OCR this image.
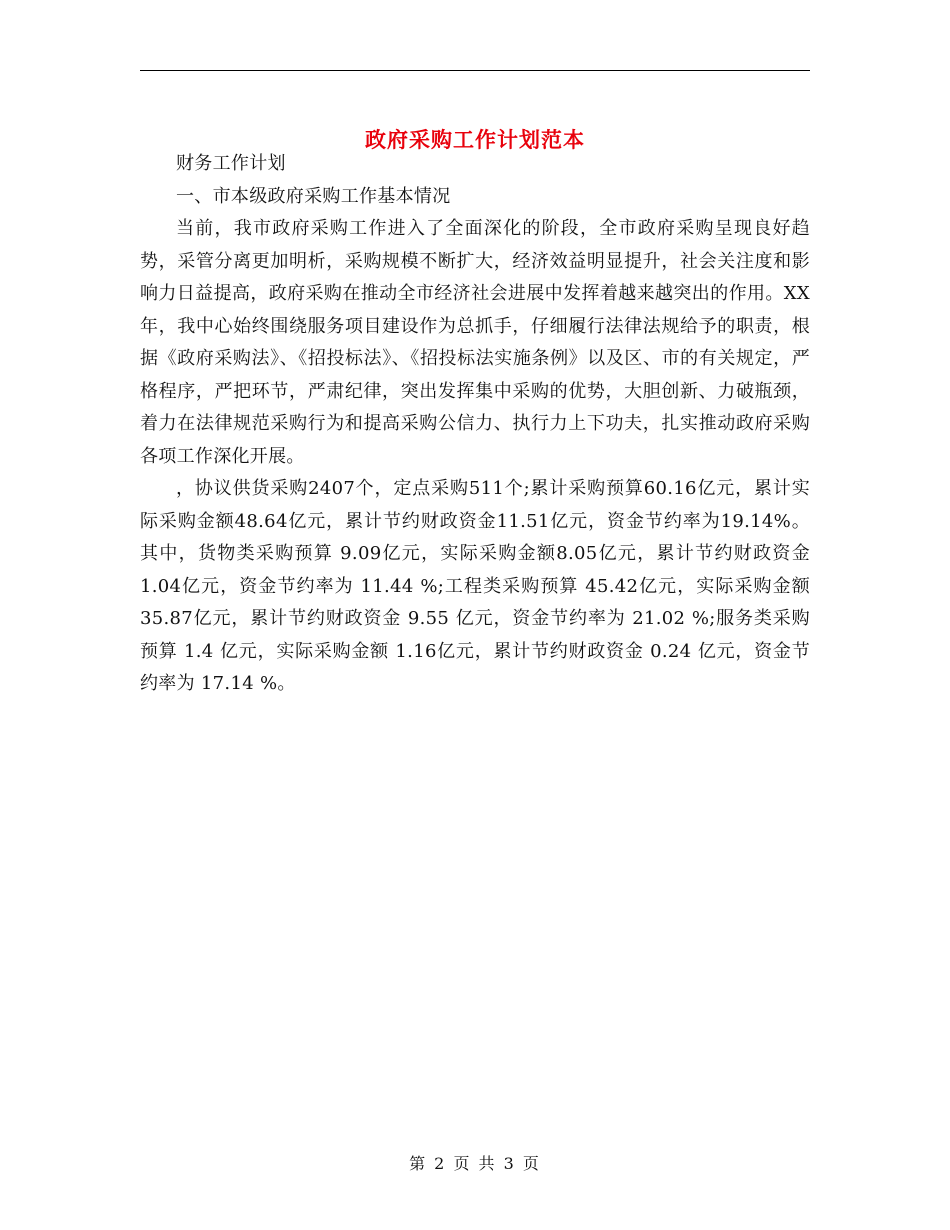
政府采购工作计划范本

财务工作计划

一、市本级政府采购工作基本情况

当前，我市政府采购工作进入了全面深化的阶段，全市政府采购呈现良好趋势，采管分离更加明析，采购规模不断扩大，经济效益明显提升，社会关注度和影响力日益提高，政府采购在推动全市经济社会进展中发挥着越来越突出的作用。XX年，我中心始终围绕服务项目建设作为总抓手，仔细履行法律法规给予的职责，根据《政府采购法》、《招投标法》、《招投标法实施条例》以及区、市的有关规定，严格程序，严把环节，严肃纪律，突出发挥集中采购的优势，大胆创新、力破瓶颈，着力在法律规范采购行为和提高采购公信力、执行力上下功夫，扎实推动政府采购各项工作深化开展。

，协议供货采购2407个，定点采购511个;累计采购预算60.16亿元，累计实际采购金额48.64亿元，累计节约财政资金11.51亿元，资金节约率为19.14%。其中，货物类采购预算 9.09亿元，实际采购金额8.05亿元，累计节约财政资金1.04亿元，资金节约率为 11.44 %;工程类采购预算 45.42亿元，实际采购金额35.87亿元，累计节约财政资金 9.55 亿元，资金节约率为 21.02 %;服务类采购预算 1.4 亿元，实际采购金额 1.16亿元，累计节约财政资金 0.24 亿元，资金节约率为 17.14 %。

第 2 页 共 3 页
